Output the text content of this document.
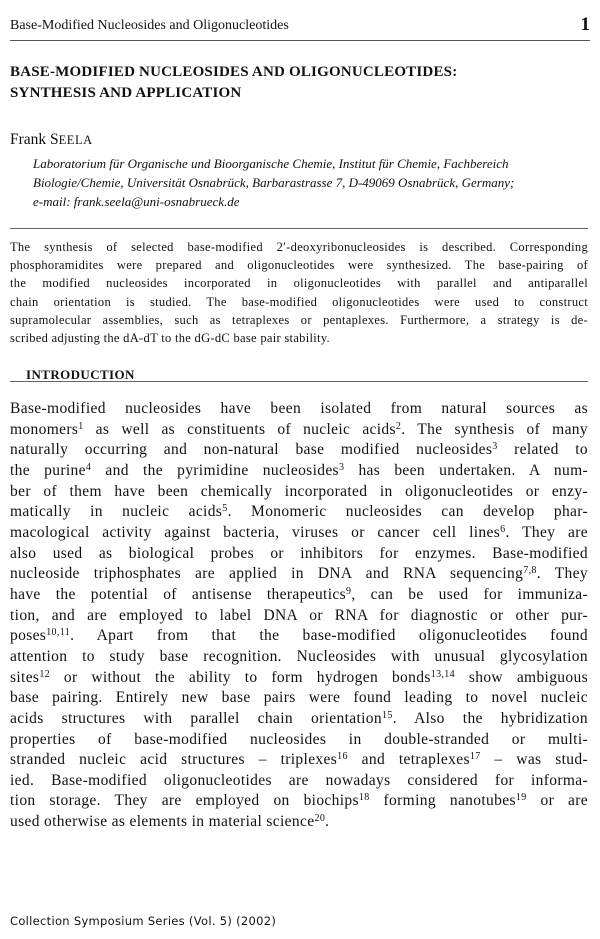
Base-Modified Nucleosides and Oligonucleotides	1
BASE-MODIFIED NUCLEOSIDES AND OLIGONUCLEOTIDES:
SYNTHESIS AND APPLICATION
Frank SEELA
Laboratorium für Organische und Bioorganische Chemie, Institut für Chemie, Fachbereich
Biologie/Chemie, Universität Osnabrück, Barbarastrasse 7, D-49069 Osnabrück, Germany;
e-mail: frank.seela@uni-osnabrueck.de
The synthesis of selected base-modified 2′-deoxyribonucleosides is described. Corresponding
phosphoramidites were prepared and oligonucleotides were synthesized. The base-pairing of
the modified nucleosides incorporated in oligonucleotides with parallel and antiparallel
chain orientation is studied. The base-modified oligonucleotides were used to construct
supramolecular assemblies, such as tetraplexes or pentaplexes. Furthermore, a strategy is de-
scribed adjusting the dA-dT to the dG-dC base pair stability.
INTRODUCTION
Base-modified nucleosides have been isolated from natural sources as
monomers$^1$ as well as constituents of nucleic acids$^2$. The synthesis of many
naturally occurring and non-natural base modified nucleosides$^3$ related to
the purine$^4$ and the pyrimidine nucleosides$^3$ has been undertaken. A num-
ber of them have been chemically incorporated in oligonucleotides or enzy-
matically in nucleic acids$^5$. Monomeric nucleosides can develop phar-
macological activity against bacteria, viruses or cancer cell lines$^6$. They are
also used as biological probes or inhibitors for enzymes. Base-modified
nucleoside triphosphates are applied in DNA and RNA sequencing$^{7,8}$. They
have the potential of antisense therapeutics$^9$, can be used for immuniza-
tion, and are employed to label DNA or RNA for diagnostic or other pur-
poses$^{10,11}$. Apart from that the base-modified oligonucleotides found
attention to study base recognition. Nucleosides with unusual glycosylation
sites$^{12}$ or without the ability to form hydrogen bonds$^{13,14}$ show ambiguous
base pairing. Entirely new base pairs were found leading to novel nucleic
acids structures with parallel chain orientation$^{15}$. Also the hybridization
properties of base-modified nucleosides in double-stranded or multi-
stranded nucleic acid structures – triplexes$^{16}$ and tetraplexes$^{17}$ – was stud-
ied. Base-modified oligonucleotides are nowadays considered for informa-
tion storage. They are employed on biochips$^{18}$ forming nanotubes$^{19}$ or are
used otherwise as elements in material science$^{20}$.
Collection Symposium Series (Vol. 5) (2002)
